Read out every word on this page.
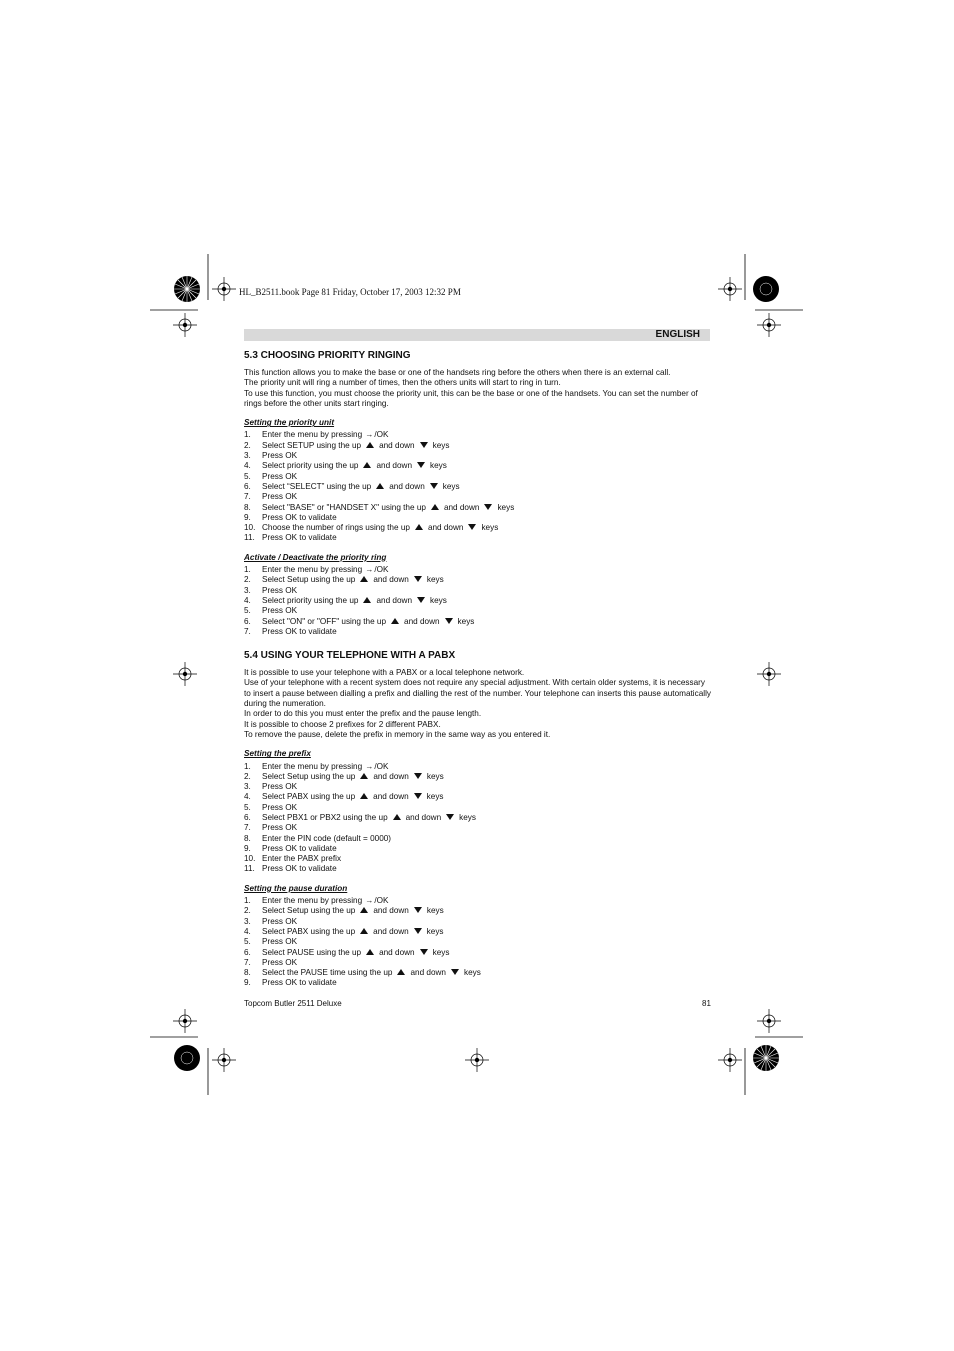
HL_B2511.book Page 81 Friday, October 17, 2003 12:32 PM
ENGLISH
5.3 CHOOSING PRIORITY RINGING

This function allows you to make the base or one of the handsets ring before the others when there is an external call.

The priority unit will ring a number of times, then the others units will start to ring in turn.

To use this function, you must choose the priority unit, this can be the base or one of the handsets. You can set the number of rings before the other units start ringing.

Setting the priority unit
1.	Enter the menu by pressing →/OK
2.	Select SETUP using the up and down keys
3.	Press OK
4.	Select priority using the up and down keys
5.	Press OK
6.	Select “SELECT” using the up and down keys
7.	Press OK
8.	Select "BASE" or "HANDSET X" using the up and down keys
9.	Press OK to validate
10. Choose the number of rings using the up and down keys
11. Press OK to validate
Activate / Deactivate the priority ring
1.	Enter the menu by pressing →/OK
2.	Select Setup using the up and down keys
3.	Press OK
4.	Select priority using the up and down keys
5.	Press OK
6.	Select "ON" or "OFF" using the up and down keys
7.	Press OK to validate
5.4 USING YOUR TELEPHONE WITH A PABX

It is possible to use your telephone with a PABX or a local telephone network.

Use of your telephone with a recent system does not require any special adjustment. With certain older systems, it is necessary to insert a pause between dialling a prefix and dialling the rest of the number. Your telephone can inserts this pause automatically during the numeration.

In order to do this you must enter the prefix and the pause length.

It is possible to choose 2 prefixes for 2 different PABX.

To remove the pause, delete the prefix in memory in the same way as you entered it.

Setting the prefix
1.	Enter the menu by pressing →/OK
2.	Select Setup using the up and down keys
3.	Press OK
4.	Select PABX using the up and down keys
5.	Press OK
6.	Select PBX1 or PBX2 using the up and down keys
7.	Press OK
8.	Enter the PIN code (default = 0000)
9.	Press OK to validate
10. Enter the PABX prefix
11. Press OK to validate
Setting the pause duration
1.	Enter the menu by pressing →/OK
2.	Select Setup using the up and down keys
3.	Press OK
4.	Select PABX using the up and down keys
5.	Press OK
6.	Select PAUSE using the up and down keys
7.	Press OK
8.	Select the PAUSE time using the up and down keys
9.	Press OK to validate
Topcom Butler 2511 Deluxe	81
